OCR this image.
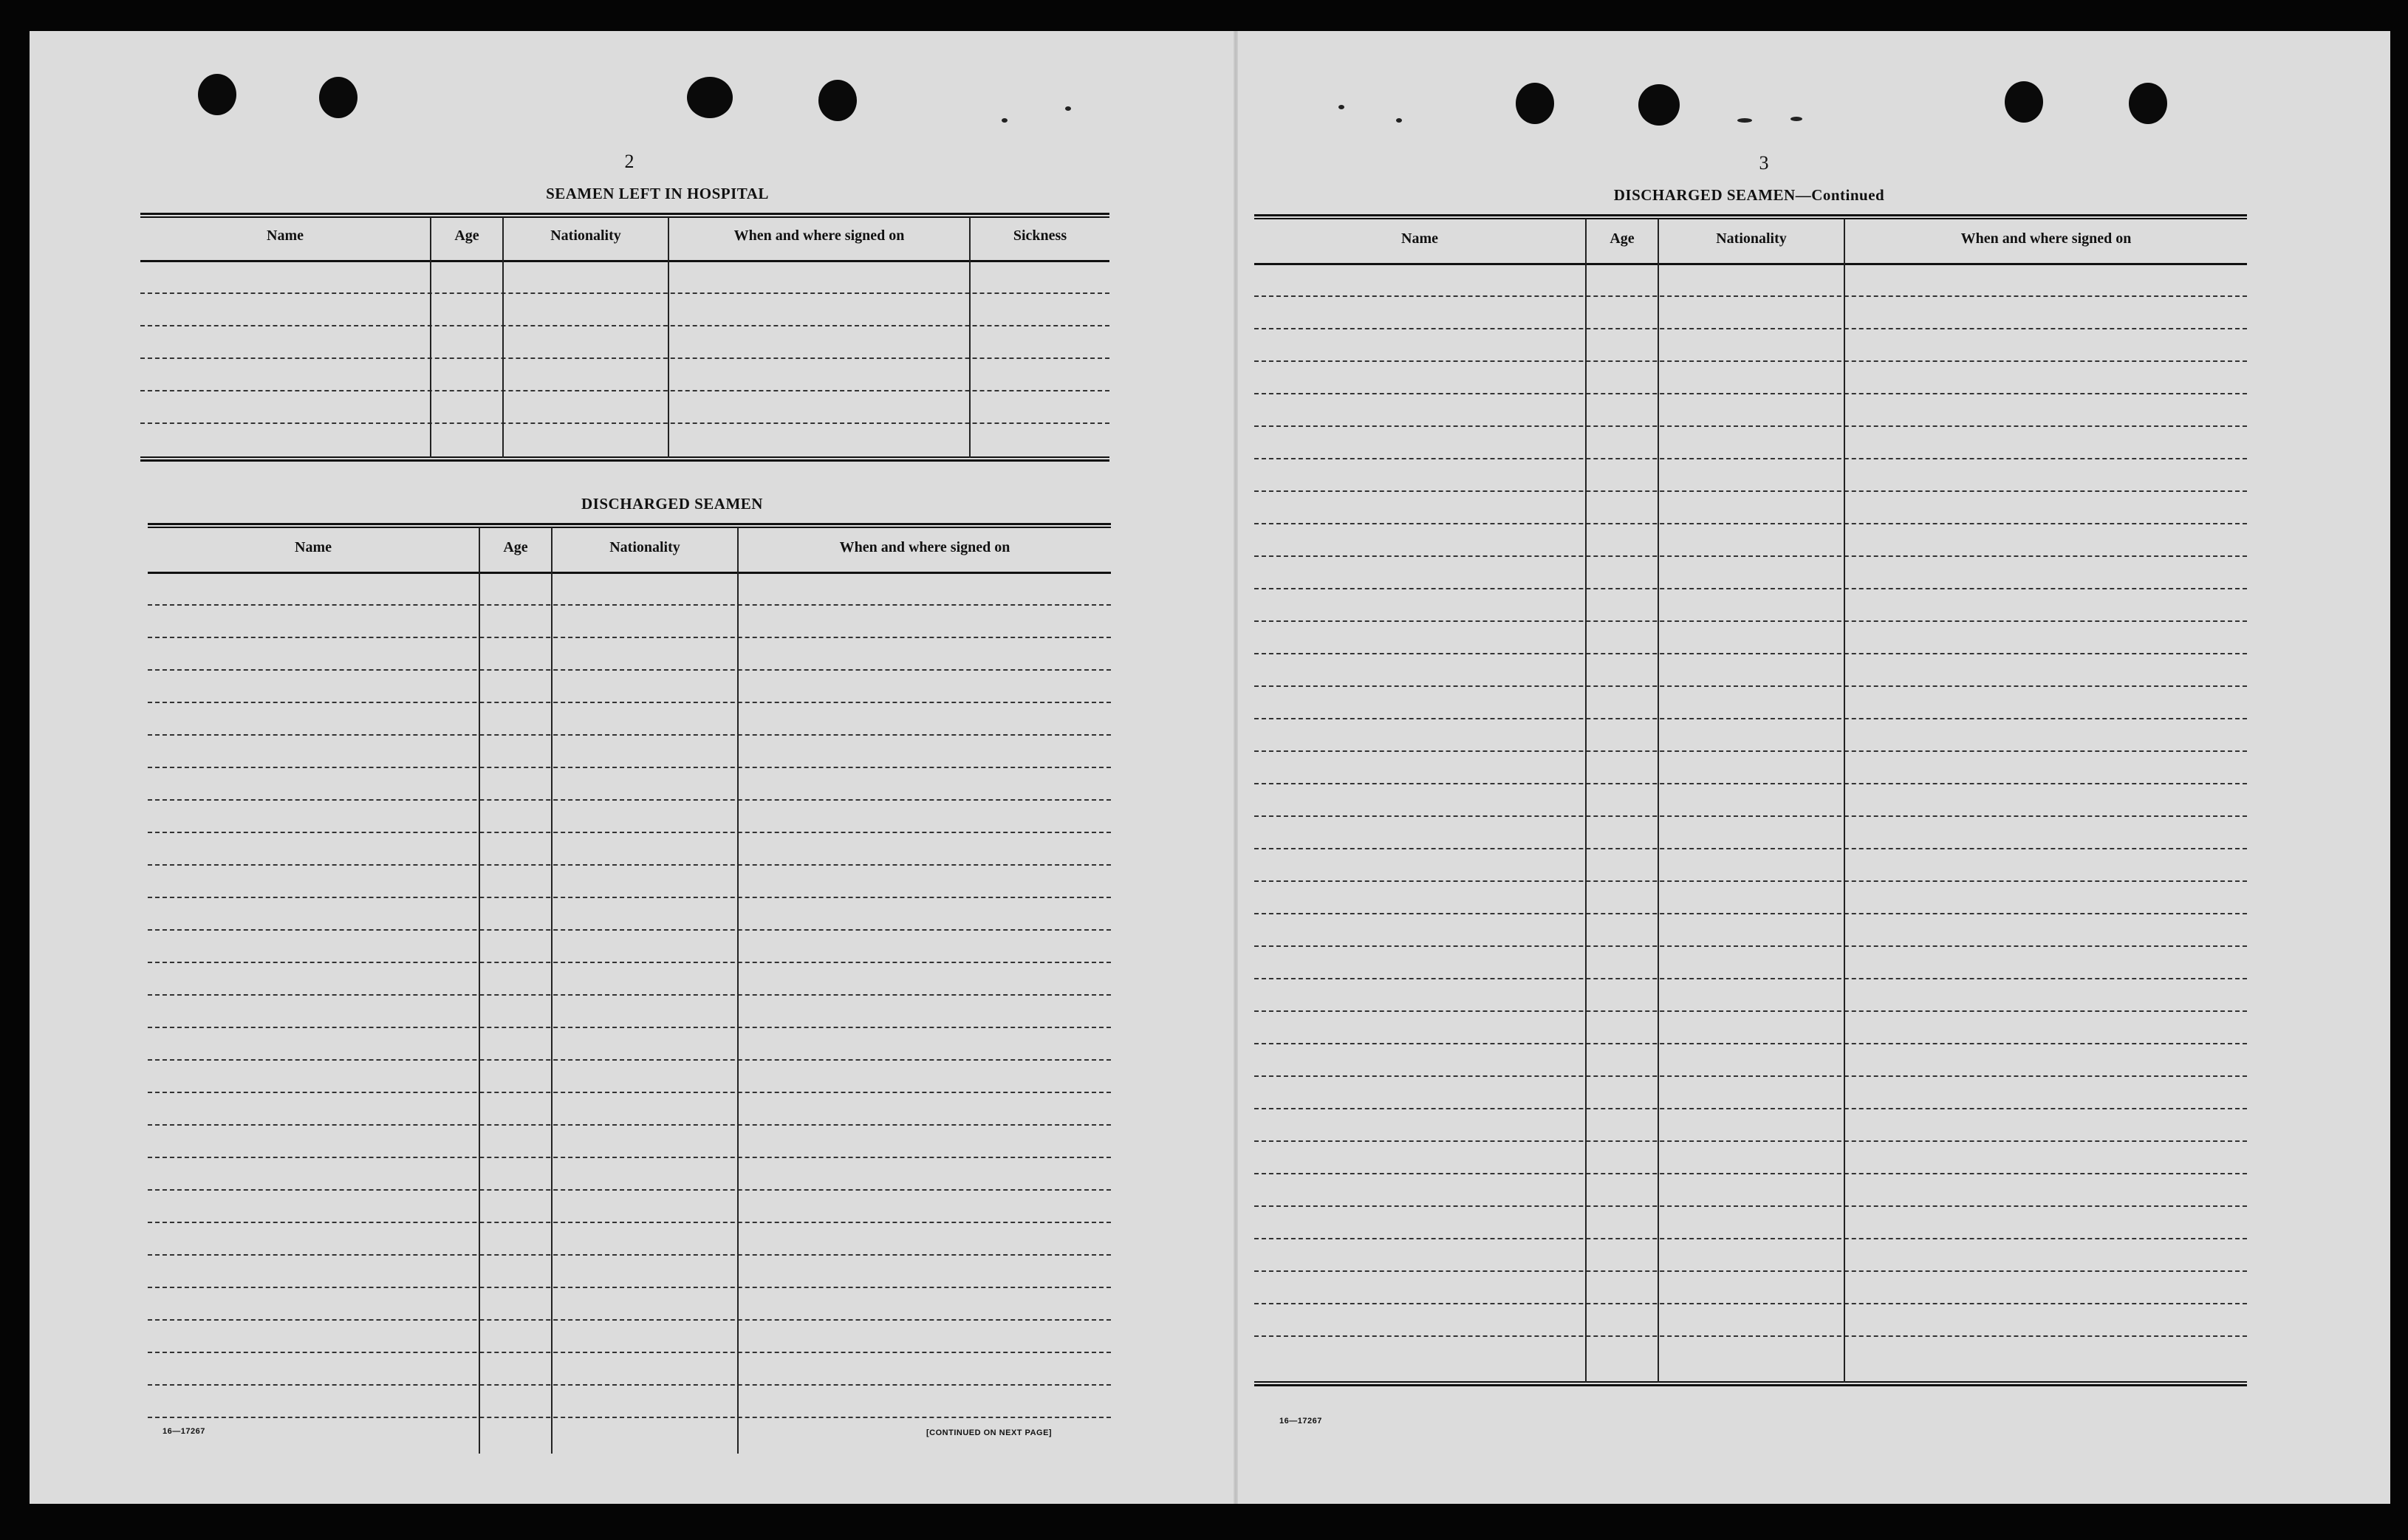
2
SEAMEN LEFT IN HOSPITAL
Name	Age	Nationality	When and where signed on	Sickness
DISCHARGED SEAMEN
Name	Age	Nationality	When and where signed on
16—17267	[CONTINUED ON NEXT PAGE]
3
DISCHARGED SEAMEN—Continued
Name	Age	Nationality	When and where signed on
16—17267
